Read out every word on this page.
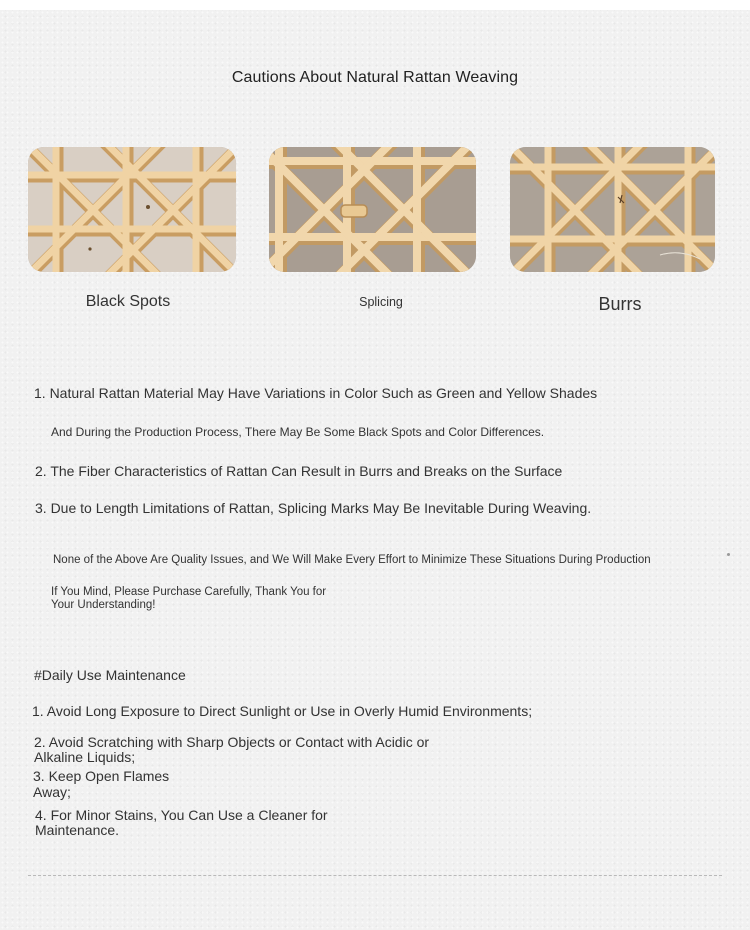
Cautions About Natural Rattan Weaving
Black Spots	Splicing	Burrs
1. Natural Rattan Material May Have Variations in Color Such as Green and Yellow Shades
And During the Production Process, There May Be Some Black Spots and Color Differences.
2. The Fiber Characteristics of Rattan Can Result in Burrs and Breaks on the Surface
3. Due to Length Limitations of Rattan, Splicing Marks May Be Inevitable During Weaving.
None of the Above Are Quality Issues, and We Will Make Every Effort to Minimize These Situations During Production
If You Mind, Please Purchase Carefully, Thank You for
Your Understanding!
#Daily Use Maintenance
1. Avoid Long Exposure to Direct Sunlight or Use in Overly Humid Environments;
2. Avoid Scratching with Sharp Objects or Contact with Acidic or
Alkaline Liquids;
3. Keep Open Flames
Away;
4. For Minor Stains, You Can Use a Cleaner for
Maintenance.
